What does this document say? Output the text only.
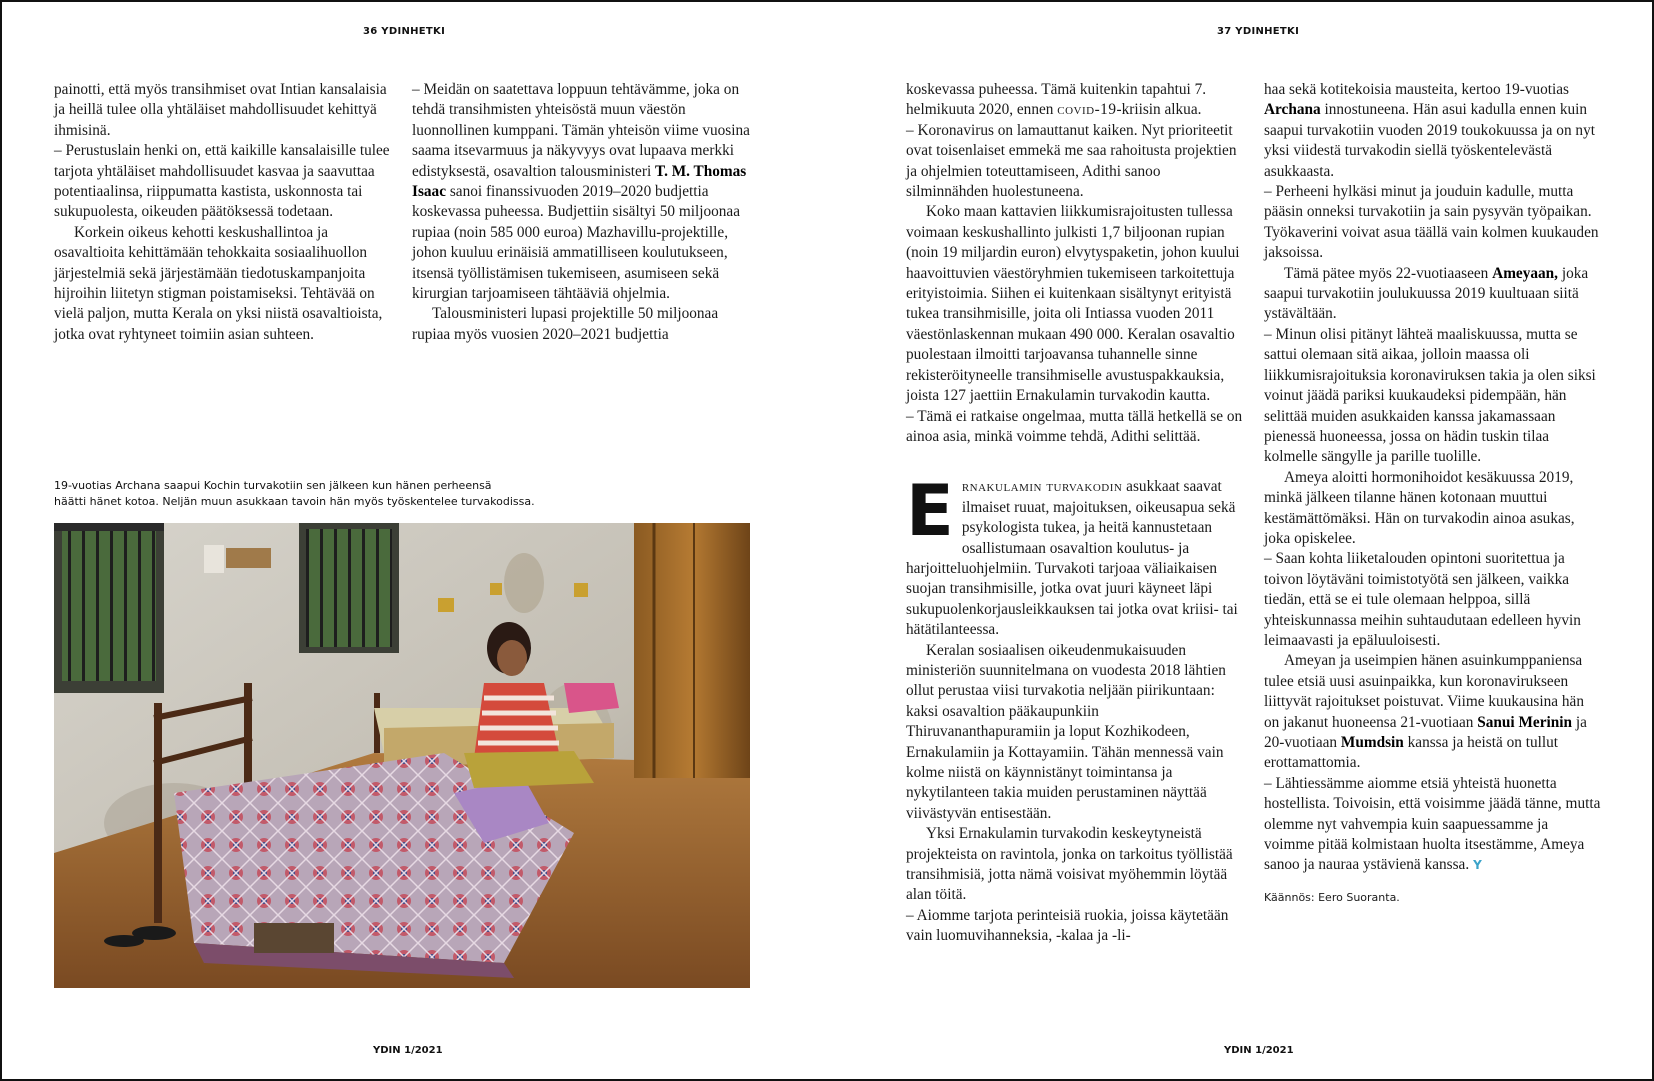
36 YDINHETKI

painotti, että myös transihmiset ovat Intian kansalaisia ja heillä tulee olla yhtäläiset mahdollisuudet kehittyä ihmisinä.

– Perustuslain henki on, että kaikille kansalaisille tulee tarjota yhtäläiset mahdollisuudet kasvaa ja saavuttaa potentiaalinsa, riippumatta kastista, uskonnosta tai sukupuolesta, oikeuden päätöksessä todetaan.

Korkein oikeus kehotti keskushallintoa ja osavaltioita kehittämään tehokkaita sosiaalihuollon järjestelmiä sekä järjestämään tiedotuskampanjoita hijroihin liitetyn stigman poistamiseksi. Tehtävää on vielä paljon, mutta Kerala on yksi niistä osavaltioista, jotka ovat ryhtyneet toimiin asian suhteen.

– Meidän on saatettava loppuun tehtävämme, joka on tehdä transihmisten yhteisöstä muun väestön luonnollinen kumppani. Tämän yhteisön viime vuosina saama itsevarmuus ja näkyvyys ovat lupaava merkki edistyksestä, osavaltion talousministeri T. M. Thomas Isaac sanoi finanssivuoden 2019–2020 budjettia koskevassa puheessa. Budjettiin sisältyi 50 miljoonaa rupiaa (noin 585 000 euroa) Mazhavillu-projektille, johon kuuluu erinäisiä ammatilliseen koulutukseen, itsensä työllistämisen tukemiseen, asumiseen sekä kirurgian tarjoamiseen tähtääviä ohjelmia.

Talousministeri lupasi projektille 50 miljoonaa rupiaa myös vuosien 2020–2021 budjettia

19-vuotias Archana saapui Kochin turvakotiin sen jälkeen kun hänen perheensä
häätti hänet kotoa. Neljän muun asukkaan tavoin hän myös työskentelee turvakodissa.
YDIN 1/2021
37 YDINHETKI

koskevassa puheessa. Tämä kuitenkin tapahtui 7. helmikuuta 2020, ennen covid-19-kriisin alkua.

– Koronavirus on lamauttanut kaiken. Nyt prioriteetit ovat toisenlaiset emmekä me saa rahoitusta projektien ja ohjelmien toteuttamiseen, Adithi sanoo silminnähden huolestuneena.

Koko maan kattavien liikkumisrajoitusten tullessa voimaan keskushallinto julkisti 1,7 biljoonan rupian (noin 19 miljardin euron) elvytyspaketin, johon kuului haavoittuvien väestöryhmien tukemiseen tarkoitettuja erityistoimia. Siihen ei kuitenkaan sisältynyt erityistä tukea transihmisille, joita oli Intiassa vuoden 2011 väestönlaskennan mukaan 490 000. Keralan osavaltio puolestaan ilmoitti tarjoavansa tuhannelle sinne rekisteröityneelle transihmiselle avustuspakkauksia, joista 127 jaettiin Ernakulamin turvakodin kautta.

– Tämä ei ratkaise ongelmaa, mutta tällä hetkellä se on ainoa asia, minkä voimme tehdä, Adithi selittää.

Ernakulamin turvakodin asukkaat saavat ilmaiset ruuat, majoituksen, oikeusapua sekä psykologista tukea, ja heitä kannustetaan osallistumaan osavaltion koulutus- ja harjoitteluohjelmiin. Turvakoti tarjoaa väliaikaisen suojan transihmisille, jotka ovat juuri käyneet läpi sukupuolenkorjausleikkauksen tai jotka ovat kriisi- tai hätätilanteessa.

Keralan sosiaalisen oikeudenmukaisuuden ministeriön suunnitelmana on vuodesta 2018 lähtien ollut perustaa viisi turvakotia neljään piirikuntaan: kaksi osavaltion pääkaupunkiin Thiruvananthapuramiin ja loput Kozhikodeen, Ernakulamiin ja Kottayamiin. Tähän mennessä vain kolme niistä on käynnistänyt toimintansa ja nykytilanteen takia muiden perustaminen näyttää viivästyvän entisestään.

Yksi Ernakulamin turvakodin keskeytyneistä projekteista on ravintola, jonka on tarkoitus työllistää transihmisiä, jotta nämä voisivat myöhemmin löytää alan töitä.

– Aiomme tarjota perinteisiä ruokia, joissa käytetään vain luomuvihanneksia, -kalaa ja -li-

haa sekä kotitekoisia mausteita, kertoo 19-vuotias Archana innostuneena. Hän asui kadulla ennen kuin saapui turvakotiin vuoden 2019 toukokuussa ja on nyt yksi viidestä turvakodin siellä työskentelevästä asukkaasta.

– Perheeni hylkäsi minut ja jouduin kadulle, mutta pääsin onneksi turvakotiin ja sain pysyvän työpaikan. Työkaverini voivat asua täällä vain kolmen kuukauden jaksoissa.

Tämä pätee myös 22-vuotiaaseen Ameyaan, joka saapui turvakotiin joulukuussa 2019 kuultuaan siitä ystävältään.

– Minun olisi pitänyt lähteä maaliskuussa, mutta se sattui olemaan sitä aikaa, jolloin maassa oli liikkumisrajoituksia koronaviruksen takia ja olen siksi voinut jäädä pariksi kuukaudeksi pidempään, hän selittää muiden asukkaiden kanssa jakamassaan pienessä huoneessa, jossa on hädin tuskin tilaa kolmelle sängylle ja parille tuolille.

Ameya aloitti hormonihoidot kesäkuussa 2019, minkä jälkeen tilanne hänen kotonaan muuttui kestämättömäksi. Hän on turvakodin ainoa asukas, joka opiskelee.

– Saan kohta liiketalouden opintoni suoritettua ja toivon löytäväni toimistotyötä sen jälkeen, vaikka tiedän, että se ei tule olemaan helppoa, sillä yhteiskunnassa meihin suhtaudutaan edelleen hyvin leimaavasti ja epäluuloisesti.

Ameyan ja useimpien hänen asuinkumppaniensa tulee etsiä uusi asuinpaikka, kun koronavirukseen liittyvät rajoitukset poistuvat. Viime kuukausina hän on jakanut huoneensa 21-vuotiaan Sanui Merinin ja 20-vuotiaan Mumdsin kanssa ja heistä on tullut erottamattomia.

– Lähtiessämme aiomme etsiä yhteistä huonetta hostellista. Toivoisin, että voisimme jäädä tänne, mutta olemme nyt vahvempia kuin saapuessamme ja voimme pitää kolmistaan huolta itsestämme, Ameya sanoo ja nauraa ystävienä kanssa. Y

Käännös: Eero Suoranta.

YDIN 1/2021
